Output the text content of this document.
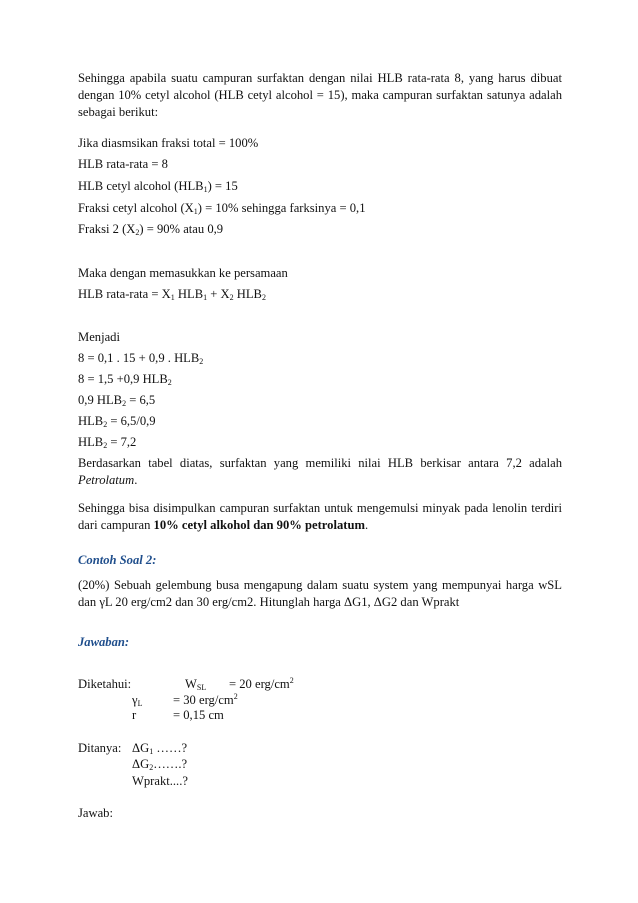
Sehingga apabila suatu campuran surfaktan dengan nilai HLB rata-rata 8, yang harus dibuat dengan 10% cetyl alcohol (HLB cetyl alcohol = 15), maka campuran surfaktan satunya adalah sebagai berikut:

Jika diasmsikan fraksi total = 100%
HLB rata-rata = 8
HLB cetyl alcohol $(HLB_1) = 15$
Fraksi cetyl alcohol $(X_1) = 10\%$ sehingga farksinya = 0,1
Fraksi 2 $(X_2) = 90\%$ atau 0,9
Maka dengan memasukkan ke persamaan
HLB rata-rata = $X_1$ $HLB_1 + X_2$ $HLB_2$
Menjadi
8 = 0,1 . 15 + 0,9 . $HLB_2$
8 = 1,5 +0,9 $HLB_2$
0,9 $HLB_2 = 6,5$
$HLB_2 = 6,5/0,9$
$HLB_2 = 7,2$

Berdasarkan tabel diatas, surfaktan yang memiliki nilai HLB berkisar antara 7,2 adalah Petrolatum.

Sehingga bisa disimpulkan campuran surfaktan untuk mengemulsi minyak pada lenolin terdiri dari campuran 10% cetyl alkohol dan 90% petrolatum.

Contoh Soal 2:

(20%) Sebuah gelembung busa mengapung dalam suatu system yang mempunyai harga wSL dan γL 20 erg/cm2 dan 30 erg/cm2. Hitunglah harga ΔG1, ΔG2 dan Wprakt

Jawaban:
Diketahui:	$W_{SL} = 20$ erg/$cm^2$
$\gamma_L = 30$ erg/$cm^2$
r	= 0,15 cm
Ditanya: $\Delta G_1$ ……?
$\Delta G_2\dots\dots$.?
Wprakt....?
Jawab:
